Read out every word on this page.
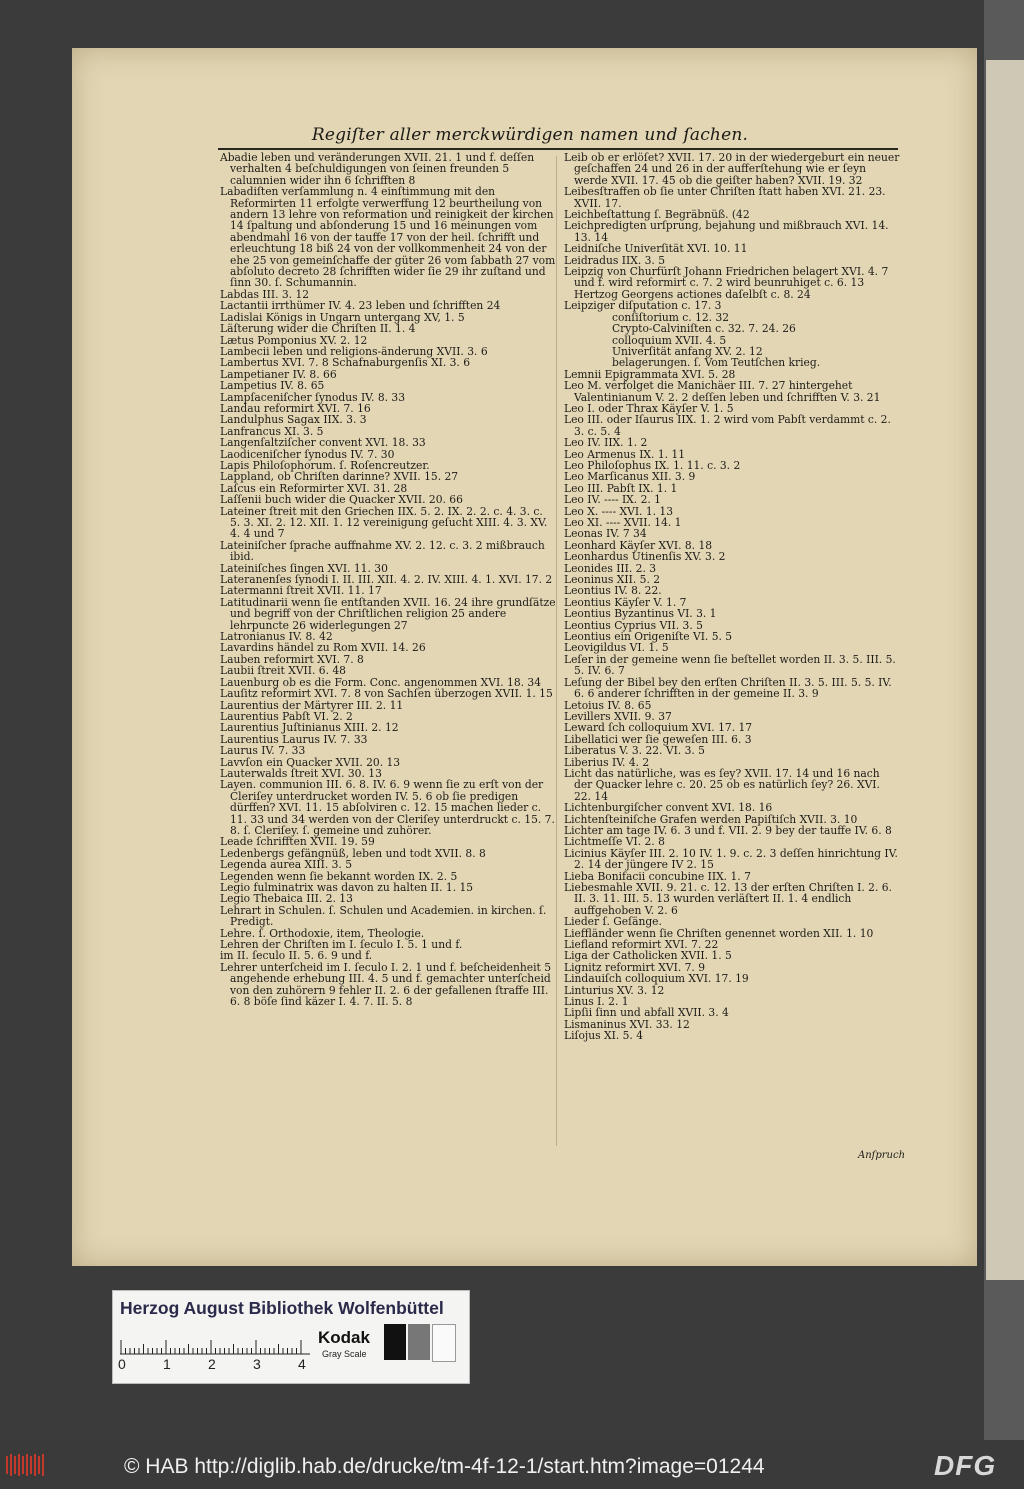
Regiſter aller merckwürdigen namen und ſachen.
Abadie leben und veränderungen XVII. 21. 1 und f. deſſen verhalten 4 beſchuldigungen von ſeinen freunden 5 calumnien wider ihn 6 ſchrifften 8
Labadiſten verſammlung n. 4 einſtimmung mit den Reformirten 11 erfolgte verwerffung 12 beurtheilung von andern 13 lehre von reformation und reinigkeit der kirchen 14 ſpaltung und abſonderung 15 und 16 meinungen vom abendmahl 16 von der tauffe 17 von der heil. ſchrifft und erleuchtung 18 biß 24 von der vollkommenheit 24 von der ehe 25 von gemeinſchaffe der güter 26 vom ſabbath 27 vom abſoluto decreto 28 ſchrifften wider ſie 29 ihr zuſtand und ſinn 30. ſ. Schumannin.
Labdas III. 3. 12
Lactantii irrthümer IV. 4. 23 leben und ſchrifften 24
Ladislai Königs in Ungarn untergang XV, 1. 5
Läſterung wider die Chriſten II. 1. 4
Lætus Pomponius XV. 2. 12
Lambecii leben und religions-änderung XVII. 3. 6
Lambertus XVI. 7. 8 Schafnaburgenſis XI. 3. 6
Lampetianer IV. 8. 66
Lampetius IV. 8. 65
Lampſaceniſcher ſynodus IV. 8. 33
Landau reformirt XVI. 7. 16
Landulphus Sagax IIX. 3. 3
Lanfrancus XI. 3. 5
Langenſaltziſcher convent XVI. 18. 33
Laodiceniſcher ſynodus IV. 7. 30
Lapis Philoſophorum. ſ. Roſencreutzer.
Lappland, ob Chriſten darinne? XVII. 15. 27
Laſcus ein Reformirter XVI. 31. 28
Laſſenii buch wider die Quacker XVII. 20. 66
Lateiner ſtreit mit den Griechen IIX. 5. 2. IX. 2. 2. c. 4. 3. c. 5. 3. XI. 2. 12. XII. 1. 12 vereinigung geſucht XIII. 4. 3. XV. 4. 4 und 7
Lateiniſcher ſprache auffnahme XV. 2. 12. c. 3. 2 mißbrauch ibid.
Lateiniſches ſingen XVI. 11. 30
Lateranenſes ſynodi I. II. III. XII. 4. 2. IV. XIII. 4. 1. XVI. 17. 2
Latermanni ſtreit XVII. 11. 17
Latitudinarii wenn ſie entſtanden XVII. 16. 24 ihre grundſätze und begriff von der Chriſtlichen religion 25 andere lehrpuncte 26 widerlegungen 27
Latronianus IV. 8. 42
Lavardins händel zu Rom XVII. 14. 26
Lauben reformirt XVI. 7. 8
Laubii ſtreit XVII. 6. 48
Lauenburg ob es die Form. Conc. angenommen XVI. 18. 34
Lauſitz reformirt XVI. 7. 8 von Sachſen überzogen XVII. 1. 15
Laurentius der Märtyrer III. 2. 11
Laurentius Pabſt VI. 2. 2
Laurentius Juſtinianus XIII. 2. 12
Laurentius Laurus IV. 7. 33
Laurus IV. 7. 33
Lavvſon ein Quacker XVII. 20. 13
Lauterwalds ſtreit XVI. 30. 13
Layen. communion III. 6. 8. IV. 6. 9 wenn ſie zu erſt von der Cleriſey unterdrucket worden IV. 5. 6 ob ſie predigen dürffen? XVI. 11. 15 abſolviren c. 12. 15 machen lieder c. 11. 33 und 34 werden von der Cleriſey unterdruckt c. 15. 7. 8. ſ. Cleriſey. ſ. gemeine und zuhörer.
Leade ſchrifften XVII. 19. 59
Ledenbergs gefängnüß, leben und todt XVII. 8. 8
Legenda aurea XIII. 3. 5
Legenden wenn ſie bekannt worden IX. 2. 5
Legio fulminatrix was davon zu halten II. 1. 15
Legio Thebaica III. 2. 13
Lehrart in Schulen. ſ. Schulen und Academien. in kirchen. ſ. Predigt.
Lehre. ſ. Orthodoxie, item, Theologie.
Lehren der Chriſten im I. ſeculo I. 5. 1 und f.
im II. ſeculo II. 5. 6. 9 und f.
Lehrer unterſcheid im I. ſeculo I. 2. 1 und f. beſcheidenheit 5 angehende erhebung III. 4. 5 und f. gemachter unterſcheid von den zuhörern 9 fehler II. 2. 6 der gefallenen ſtraffe III. 6. 8 böſe ſind käzer I. 4. 7. II. 5. 8
Leib ob er erlöſet? XVII. 17. 20 in der wiedergeburt ein neuer geſchaffen 24 und 26 in der aufferſtehung wie er ſeyn werde XVII. 17. 45 ob die geiſter haben? XVII. 19. 32
Leibesſtraffen ob ſie unter Chriſten ſtatt haben XVI. 21. 23. XVII. 17.
Leichbeſtattung ſ. Begräbnüß. (42
Leichpredigten urſprung, bejahung und mißbrauch XVI. 14. 13. 14
Leidniſche Univerſität XVI. 10. 11
Leidradus IIX. 3. 5
Leipzig von Churfürſt Johann Friedrichen belagert XVI. 4. 7 und f. wird reformirt c. 7. 2 wird beunruhiget c. 6. 13 Hertzog Georgens actiones daſelbſt c. 8. 24
Leipziger diſputation c. 17. 3
conſiſtorium c. 12. 32
Crypto-Calviniſten c. 32. 7. 24. 26
colloquium XVII. 4. 5
Univerſität anfang XV. 2. 12
belagerungen. ſ. Vom Teutſchen krieg.
Lemnii Epigrammata XVI. 5. 28
Leo M. verfolget die Manichäer III. 7. 27 hintergehet Valentinianum V. 2. 2 deſſen leben und ſchrifften V. 3. 21
Leo I. oder Thrax Käyſer V. 1. 5
Leo III. oder Iſaurus IIX. 1. 2 wird vom Pabſt verdammt c. 2. 3. c. 5. 4
Leo IV. IIX. 1. 2
Leo Armenus IX. 1. 11
Leo Philoſophus IX. 1. 11. c. 3. 2
Leo Marſicanus XII. 3. 9
Leo III. Pabſt IX. 1. 1
Leo IV. ---- IX. 2. 1
Leo X. ---- XVI. 1. 13
Leo XI. ---- XVII. 14. 1
Leonas IV. 7 34
Leonhard Käyſer XVI. 8. 18
Leonhardus Utinenſis XV. 3. 2
Leonides III. 2. 3
Leoninus XII. 5. 2
Leontius IV. 8. 22.
Leontius Käyſer V. 1. 7
Leontius Byzantinus VI. 3. 1
Leontius Cyprius VII. 3. 5
Leontius ein Origeniſte VI. 5. 5
Leovigildus VI. 1. 5
Leſer in der gemeine wenn ſie beſtellet worden II. 3. 5. III. 5. 5. IV. 6. 7
Leſung der Bibel bey den erſten Chriſten II. 3. 5. III. 5. 5. IV. 6. 6 anderer ſchrifften in der gemeine II. 3. 9
Letoius IV. 8. 65
Levillers XVII. 9. 37
Leward ſch colloquium XVI. 17. 17
Libellatici wer ſie geweſen III. 6. 3
Liberatus V. 3. 22. VI. 3. 5
Liberius IV. 4. 2
Licht das natürliche, was es ſey? XVII. 17. 14 und 16 nach der Quacker lehre c. 20. 25 ob es natürlich ſey? 26. XVI. 22. 14
Lichtenburgiſcher convent XVI. 18. 16
Lichtenſteiniſche Grafen werden Papiſtiſch XVII. 3. 10
Lichter am tage IV. 6. 3 und f. VII. 2. 9 bey der tauffe IV. 6. 8
Lichtmeſſe VI. 2. 8
Licinius Käyſer III. 2. 10 IV. 1. 9. c. 2. 3 deſſen hinrichtung IV. 2. 14 der jüngere IV 2. 15
Lieba Bonifacii concubine IIX. 1. 7
Liebesmahle XVII. 9. 21. c. 12. 13 der erſten Chriſten I. 2. 6. II. 3. 11. III. 5. 13 wurden verläſtert II. 1. 4 endlich auffgehoben V. 2. 6
Lieder ſ. Geſänge.
Lieffländer wenn ſie Chriſten genennet worden XII. 1. 10
Liefland reformirt XVI. 7. 22
Liga der Catholicken XVII. 1. 5
Lignitz reformirt XVI. 7. 9
Lindauiſch colloquium XVI. 17. 19
Linturius XV. 3. 12
Linus I. 2. 1
Lipſii ſinn und abfall XVII. 3. 4
Lismaninus XVI. 33. 12
Liſojus XI. 5. 4
Anſpruch
Herzog August Bibliothek Wolfenbüttel
0	1	2	3	4
Kodak
Gray Scale
© HAB http://diglib.hab.de/drucke/tm-4f-12-1/start.htm?image=01244	DFG
